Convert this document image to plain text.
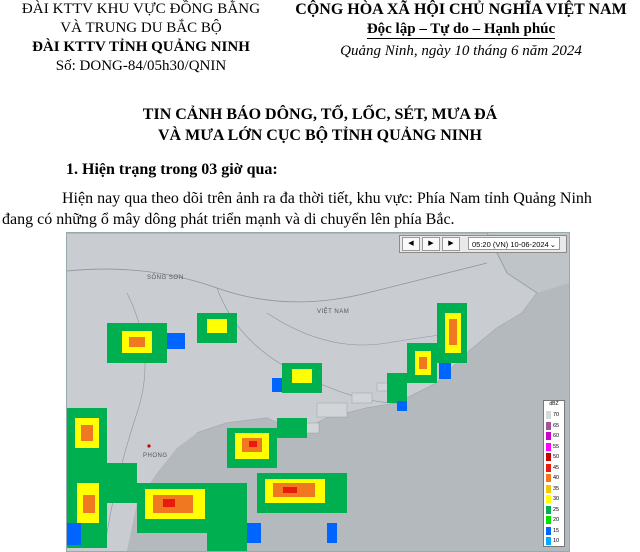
ĐÀI KTTV KHU VỰC ĐỒNG BẰNG
VÀ TRUNG DU BẮC BỘ
ĐÀI KTTV TỈNH QUẢNG NINH
Số: DONG-84/05h30/QNIN
CỘNG HÒA XÃ HỘI CHỦ NGHĨA VIỆT NAM
Độc lập – Tự do – Hạnh phúc
Quảng Ninh, ngày 10 tháng 6 năm 2024
TIN CẢNH BÁO DÔNG, TỐ, LỐC, SÉT, MƯA ĐÁ
VÀ MƯA LỚN CỤC BỘ TỈNH QUẢNG NINH
1. Hiện trạng trong 03 giờ qua:
Hiện nay qua theo dõi trên ảnh ra đa thời tiết, khu vực: Phía Nam tỉnh Quảng Ninh đang có những ổ mây dông phát triển mạnh và di chuyển lên phía Bắc.
SÔNG SƠN
VIỆT NAM
PHONG
◀	▶	▶	05:20 (VN) 10-06-2024 ⌄
dBZ
70
65
60
55
50
45
40
35
30
25
20
15
10
